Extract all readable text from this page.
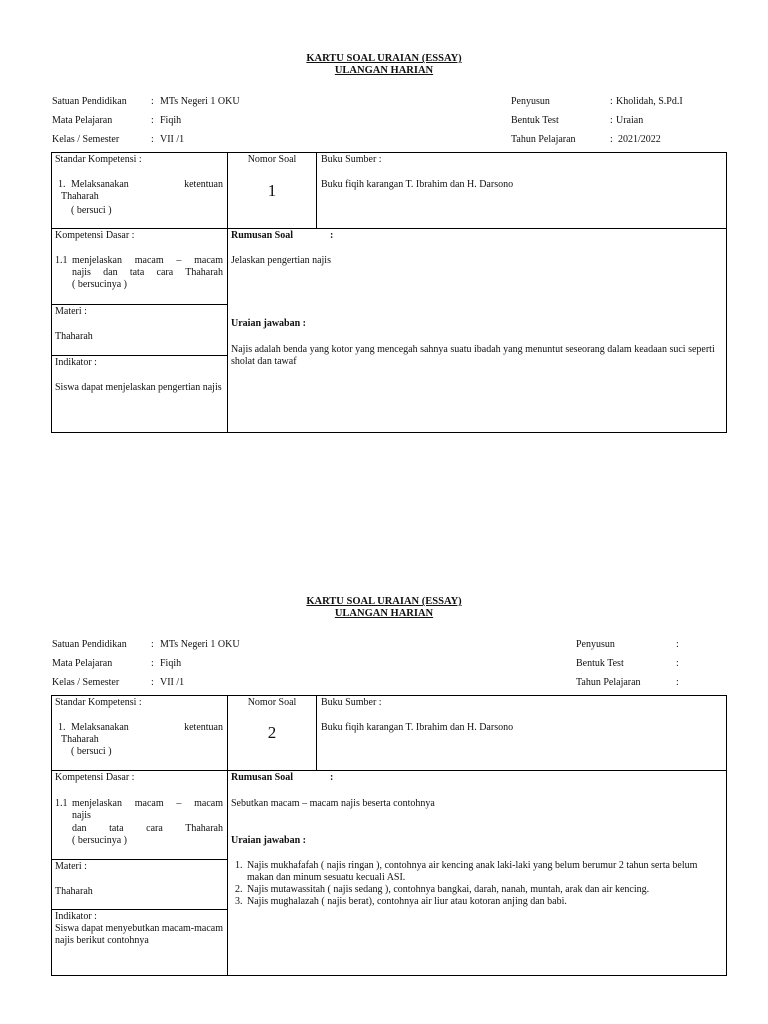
KARTU SOAL URAIAN (ESSAY)
ULANGAN HARIAN
Satuan Pendidikan : MTs Negeri 1 OKU
Mata Pelajaran	: Fiqih
Kelas / Semester	: VII /1
Penyusun	: Kholidah, S.Pd.I
Bentuk Test	: Uraian
Tahun Pelajaran	: 2021/2022
Standar Kompetensi :
1. Melaksanakan ketentuan
Thaharah
( bersuci )
Nomor Soal
1
Buku Sumber :
Buku fiqih karangan T. Ibrahim dan H. Darsono
Kompetensi Dasar :
1.1 menjelaskan macam – macam
najis dan tata cara Thaharah
( bersucinya )
Materi :
Thaharah
Indikator :
Siswa dapat menjelaskan pengertian najis
Rumusan Soal	:
Jelaskan pengertian najis
Uraian jawaban :
Najis adalah benda yang kotor yang mencegah sahnya suatu ibadah yang menuntut seseorang dalam keadaan suci seperti sholat dan tawaf
KARTU SOAL URAIAN (ESSAY)
ULANGAN HARIAN
Satuan Pendidikan : MTs Negeri 1 OKU
Mata Pelajaran	: Fiqih
Kelas / Semester	: VII /1
Penyusun	:
Bentuk Test	:
Tahun Pelajaran	:
Standar Kompetensi :
1. Melaksanakan ketentuan
Thaharah
( bersuci )
Nomor Soal
2
Buku Sumber :
Buku fiqih karangan T. Ibrahim dan H. Darsono
Kompetensi Dasar :
1.1 menjelaskan macam – macam
najis
dan tata cara Thaharah
( bersucinya )
Materi :
Thaharah
Indikator :
Siswa dapat menyebutkan macam-macam najis berikut contohnya
Rumusan Soal	:
Sebutkan macam – macam najis beserta contohnya
Uraian jawaban :
1. Najis mukhafafah ( najis ringan ), contohnya air kencing anak laki-laki yang belum berumur 2 tahun serta belum makan dan minum sesuatu kecuali ASI.
2. Najis mutawassitah ( najis sedang ), contohnya bangkai, darah, nanah, muntah, arak dan air kencing.
3. Najis mughalazah ( najis berat), contohnya air liur atau kotoran anjing dan babi.
